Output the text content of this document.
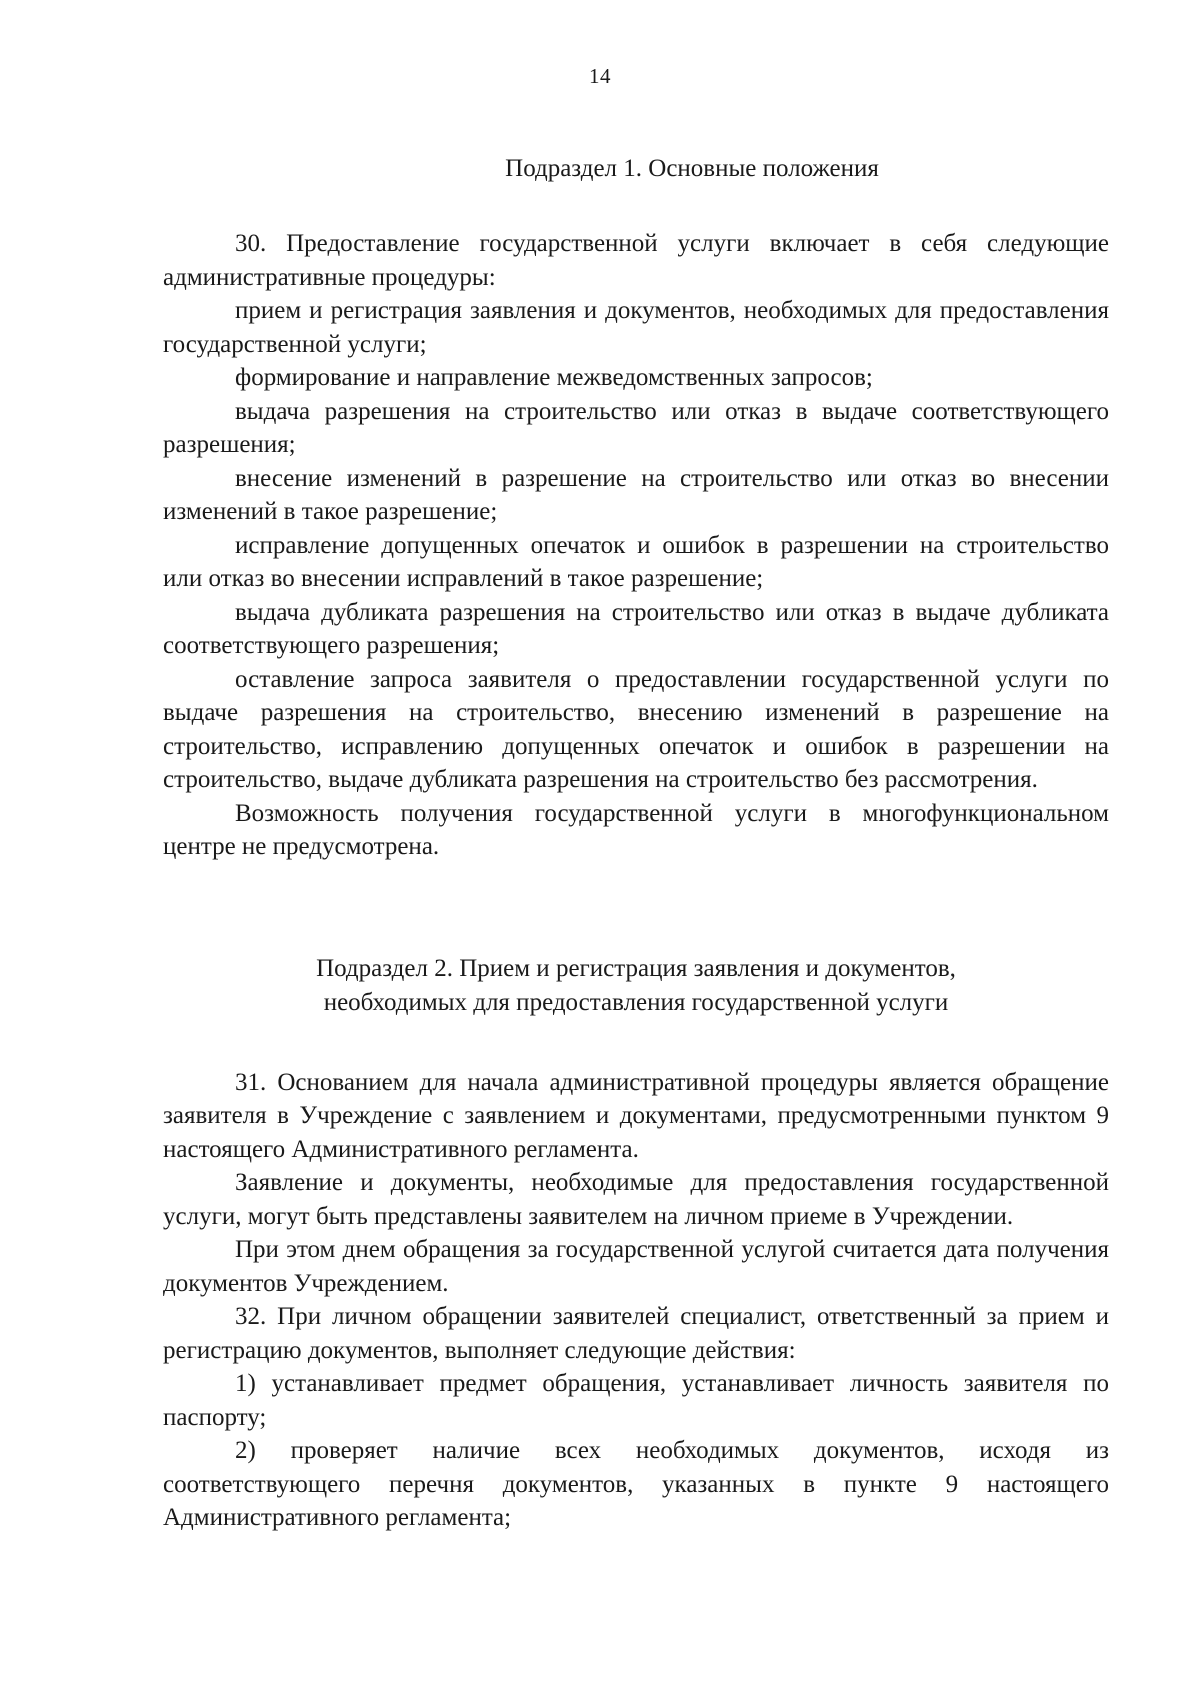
14
Подраздел 1. Основные положения

30. Предоставление государственной услуги включает в себя следующие административные процедуры:

прием и регистрация заявления и документов, необходимых для предоставления государственной услуги;

формирование и направление межведомственных запросов;

выдача разрешения на строительство или отказ в выдаче соответствующего разрешения;

внесение изменений в разрешение на строительство или отказ во внесении изменений в такое разрешение;

исправление допущенных опечаток и ошибок в разрешении на строительство или отказ во внесении исправлений в такое разрешение;

выдача дубликата разрешения на строительство или отказ в выдаче дубликата соответствующего разрешения;

оставление запроса заявителя о предоставлении государственной услуги по выдаче разрешения на строительство, внесению изменений в разрешение на строительство, исправлению допущенных опечаток и ошибок в разрешении на строительство, выдаче дубликата разрешения на строительство без рассмотрения.

Возможность получения государственной услуги в многофункциональном центре не предусмотрена.

Подраздел 2. Прием и регистрация заявления и документов,
необходимых для предоставления государственной услуги

31. Основанием для начала административной процедуры является обращение заявителя в Учреждение с заявлением и документами, предусмотренными пунктом 9 настоящего Административного регламента.

Заявление и документы, необходимые для предоставления государственной услуги, могут быть представлены заявителем на личном приеме в Учреждении.

При этом днем обращения за государственной услугой считается дата получения документов Учреждением.

32. При личном обращении заявителей специалист, ответственный за прием и регистрацию документов, выполняет следующие действия:

1) устанавливает предмет обращения, устанавливает личность заявителя по паспорту;

2) проверяет наличие всех необходимых документов, исходя из соответствующего перечня документов, указанных в пункте 9 настоящего Административного регламента;
